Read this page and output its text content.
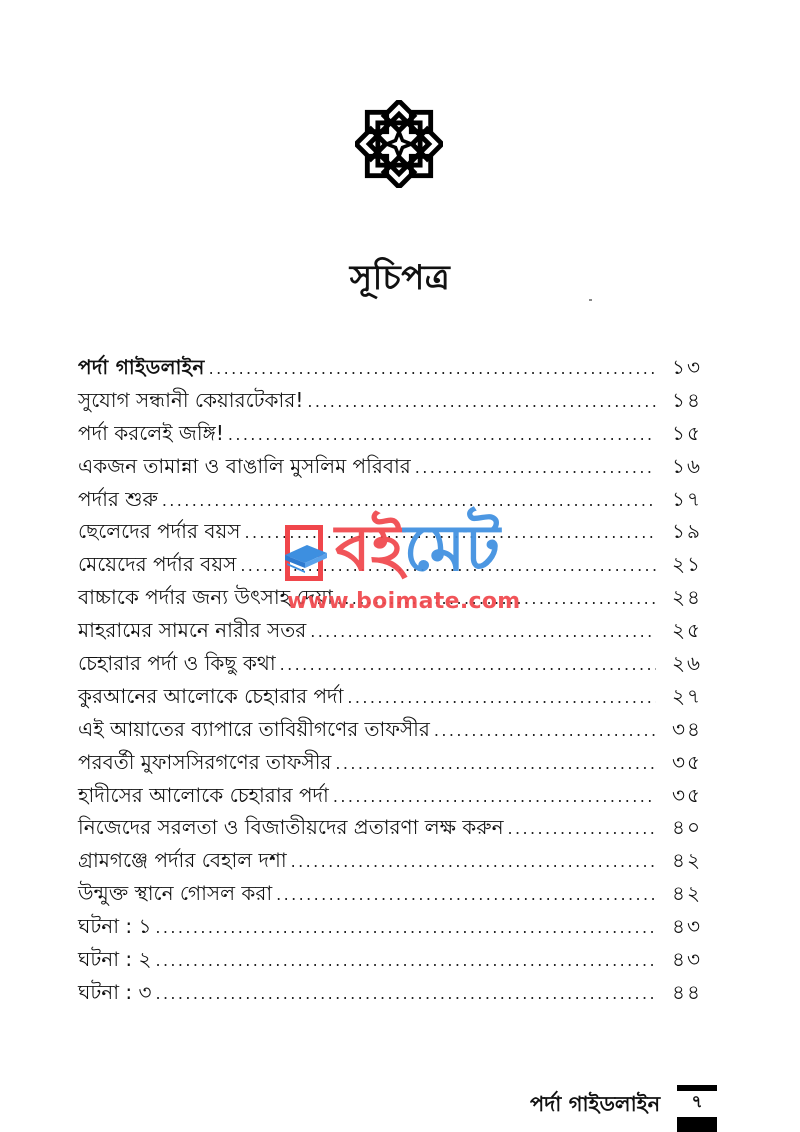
সূচিপত্র
পর্দা গাইডলাইন .....	১৩
সুযোগ সন্ধানী কেয়ারটেকার! .....	১৪
পর্দা করলেই জঙ্গি! .....	১৫
একজন তামান্না ও বাঙালি মুসলিম পরিবার .....	১৬
পর্দার শুরু .....	১৭
ছেলেদের পর্দার বয়স .....	১৯
মেয়েদের পর্দার বয়স .....	২১
বাচ্চাকে পর্দার জন্য উৎসাহ দেয়া .....	২৪
মাহরামের সামনে নারীর সতর .....	২৫
চেহারার পর্দা ও কিছু কথা .....	২৬
কুরআনের আলোকে চেহারার পর্দা .....	২৭
এই আয়াতের ব্যাপারে তাবিয়ীগণের তাফসীর .....	৩৪
পরবর্তী মুফাসসিরগণের তাফসীর .....	৩৫
হাদীসের আলোকে চেহারার পর্দা .....	৩৫
নিজেদের সরলতা ও বিজাতীয়দের প্রতারণা লক্ষ করুন .....	৪০
গ্রামগঞ্জে পর্দার বেহাল দশা .....	৪২
উন্মুক্ত স্থানে গোসল করা .....	৪২
ঘটনা : ১ .....	৪৩
ঘটনা : ২ .....	৪৩
ঘটনা : ৩ .....	৪৪
বইমেট
www.boimate.com
পর্দা গাইডলাইন	৭
